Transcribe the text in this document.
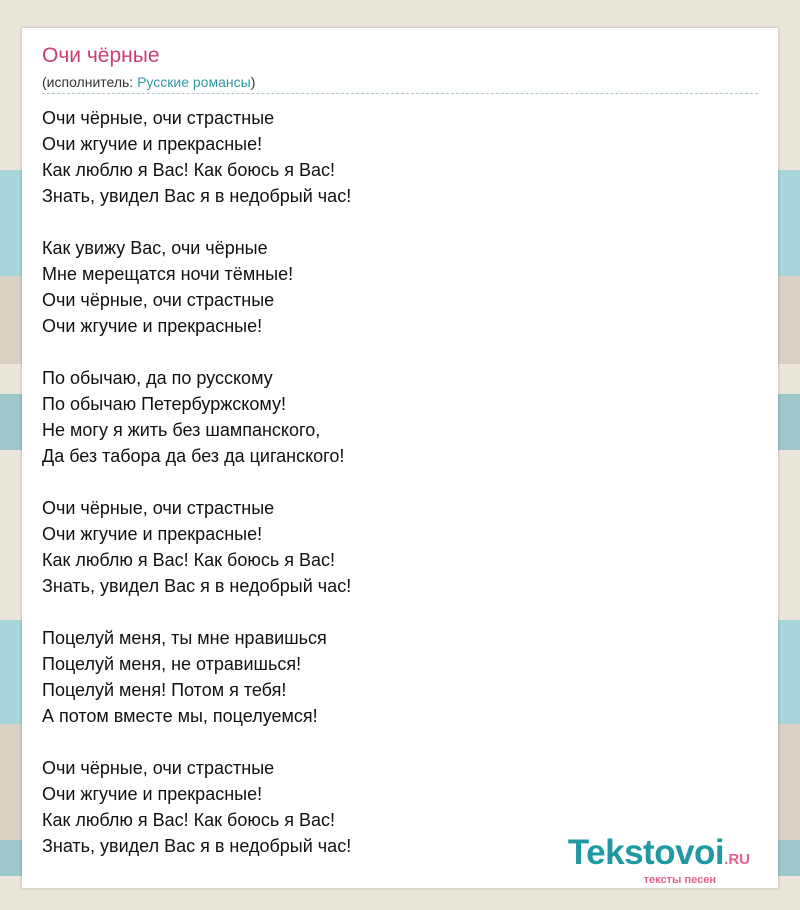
Очи чёрные
(исполнитель: Русские романсы)
Очи чёрные, очи страстные
Очи жгучие и прекрасные!
Как люблю я Вас! Как боюсь я Вас!
Знать, увидел Вас я в недобрый час!
Как увижу Вас, очи чёрные
Мне мерещатся ночи тёмные!
Очи чёрные, очи страстные
Очи жгучие и прекрасные!
По обычаю, да по русскому
По обычаю Петербуржскому!
Не могу я жить без шампанского,
Да без табора да без да циганского!
Очи чёрные, очи страстные
Очи жгучие и прекрасные!
Как люблю я Вас! Как боюсь я Вас!
Знать, увидел Вас я в недобрый час!
Поцелуй меня, ты мне нравишься
Поцелуй меня, не отравишься!
Поцелуй меня! Потом я тебя!
А потом вместе мы, поцелуемся!
Очи чёрные, очи страстные
Очи жгучие и прекрасные!
Как люблю я Вас! Как боюсь я Вас!
Знать, увидел Вас я в недобрый час!	Tekstovoi.RU
тексты песен
